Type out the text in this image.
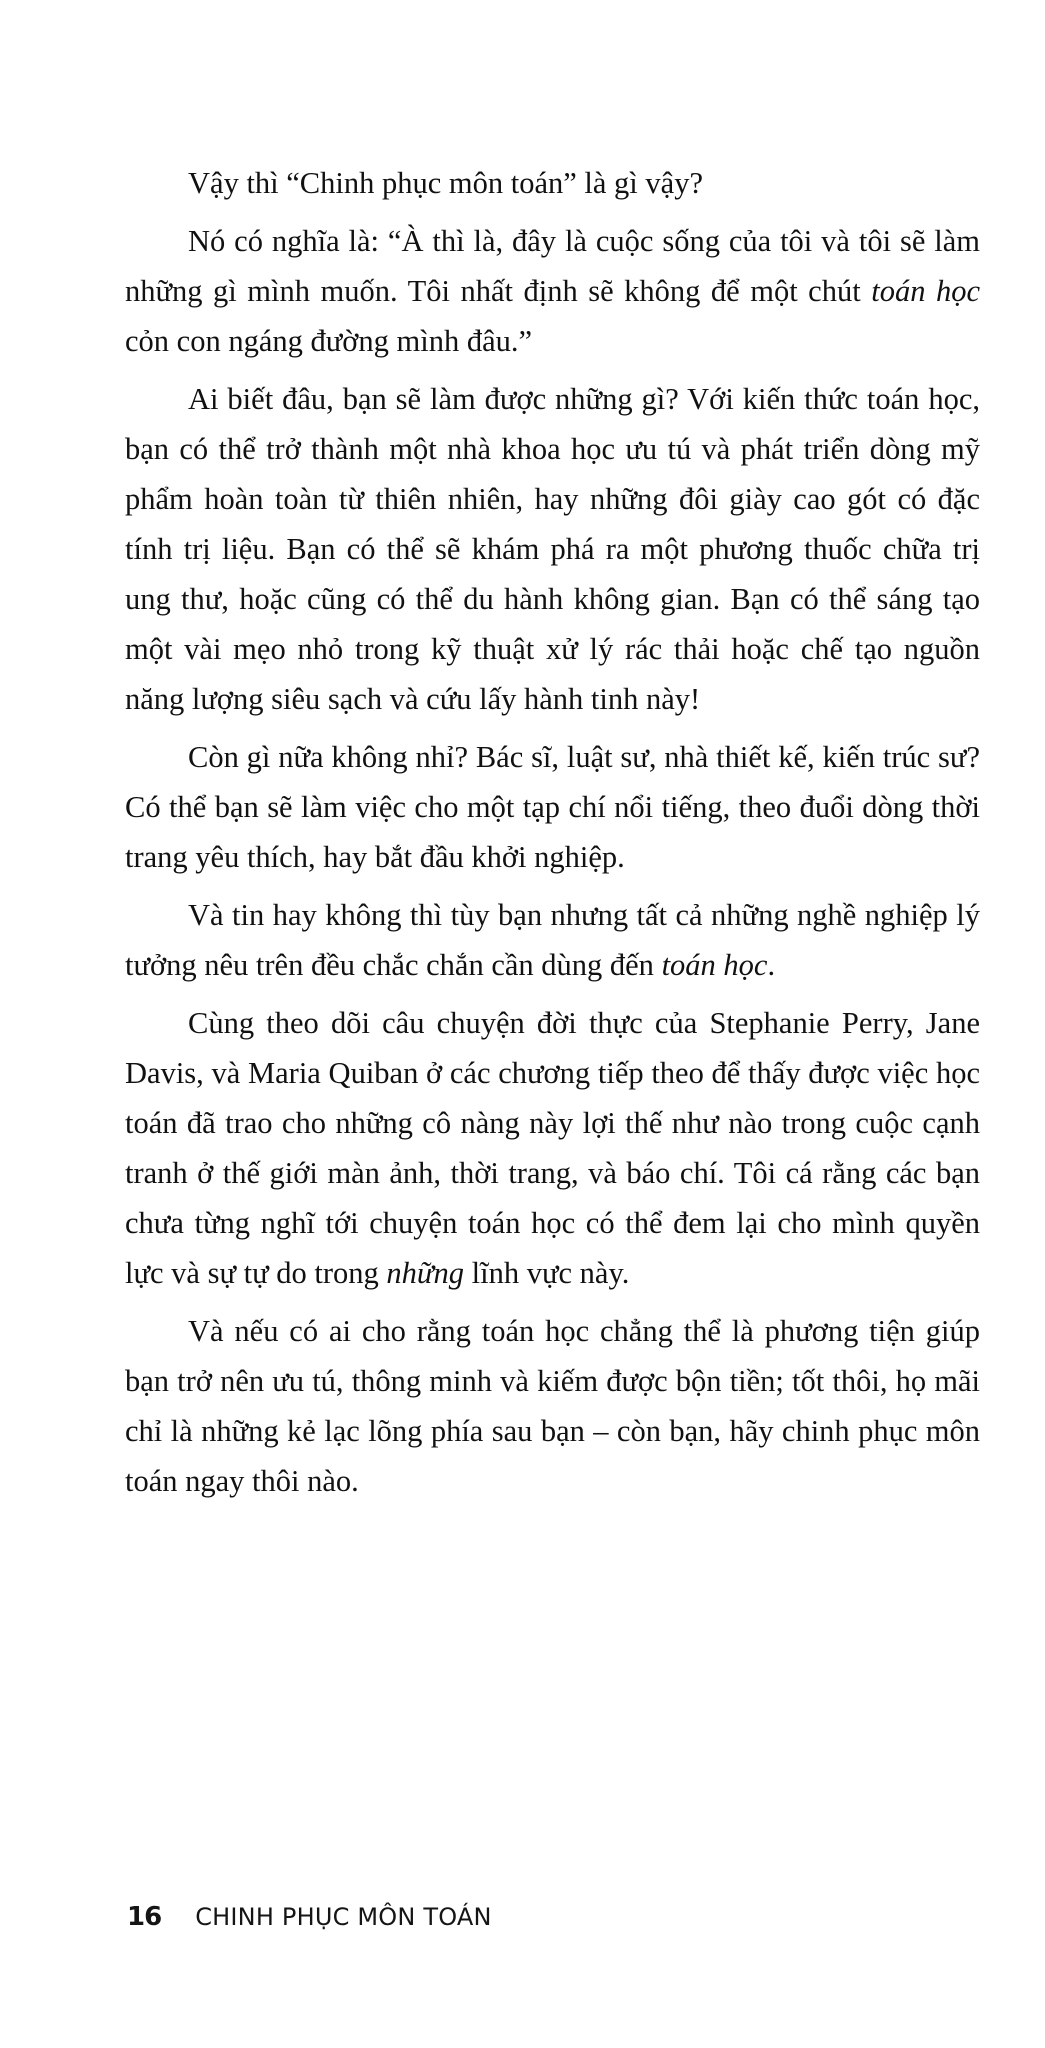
Vậy thì “Chinh phục môn toán” là gì vậy?

Nó có nghĩa là: “À thì là, đây là cuộc sống của tôi và tôi sẽ làm những gì mình muốn. Tôi nhất định sẽ không để một chút toán học cỏn con ngáng đường mình đâu.”

Ai biết đâu, bạn sẽ làm được những gì? Với kiến thức toán học, bạn có thể trở thành một nhà khoa học ưu tú và phát triển dòng mỹ phẩm hoàn toàn từ thiên nhiên, hay những đôi giày cao gót có đặc tính trị liệu. Bạn có thể sẽ khám phá ra một phương thuốc chữa trị ung thư, hoặc cũng có thể du hành không gian. Bạn có thể sáng tạo một vài mẹo nhỏ trong kỹ thuật xử lý rác thải hoặc chế tạo nguồn năng lượng siêu sạch và cứu lấy hành tinh này!

Còn gì nữa không nhỉ? Bác sĩ, luật sư, nhà thiết kế, kiến trúc sư? Có thể bạn sẽ làm việc cho một tạp chí nổi tiếng, theo đuổi dòng thời trang yêu thích, hay bắt đầu khởi nghiệp.

Và tin hay không thì tùy bạn nhưng tất cả những nghề nghiệp lý tưởng nêu trên đều chắc chắn cần dùng đến toán học.

Cùng theo dõi câu chuyện đời thực của Stephanie Perry, Jane Davis, và Maria Quiban ở các chương tiếp theo để thấy được việc học toán đã trao cho những cô nàng này lợi thế như nào trong cuộc cạnh tranh ở thế giới màn ảnh, thời trang, và báo chí. Tôi cá rằng các bạn chưa từng nghĩ tới chuyện toán học có thể đem lại cho mình quyền lực và sự tự do trong những lĩnh vực này.

Và nếu có ai cho rằng toán học chẳng thể là phương tiện giúp bạn trở nên ưu tú, thông minh và kiếm được bộn tiền; tốt thôi, họ mãi chỉ là những kẻ lạc lõng phía sau bạn – còn bạn, hãy chinh phục môn toán ngay thôi nào.

16 CHINH PHỤC MÔN TOÁN
